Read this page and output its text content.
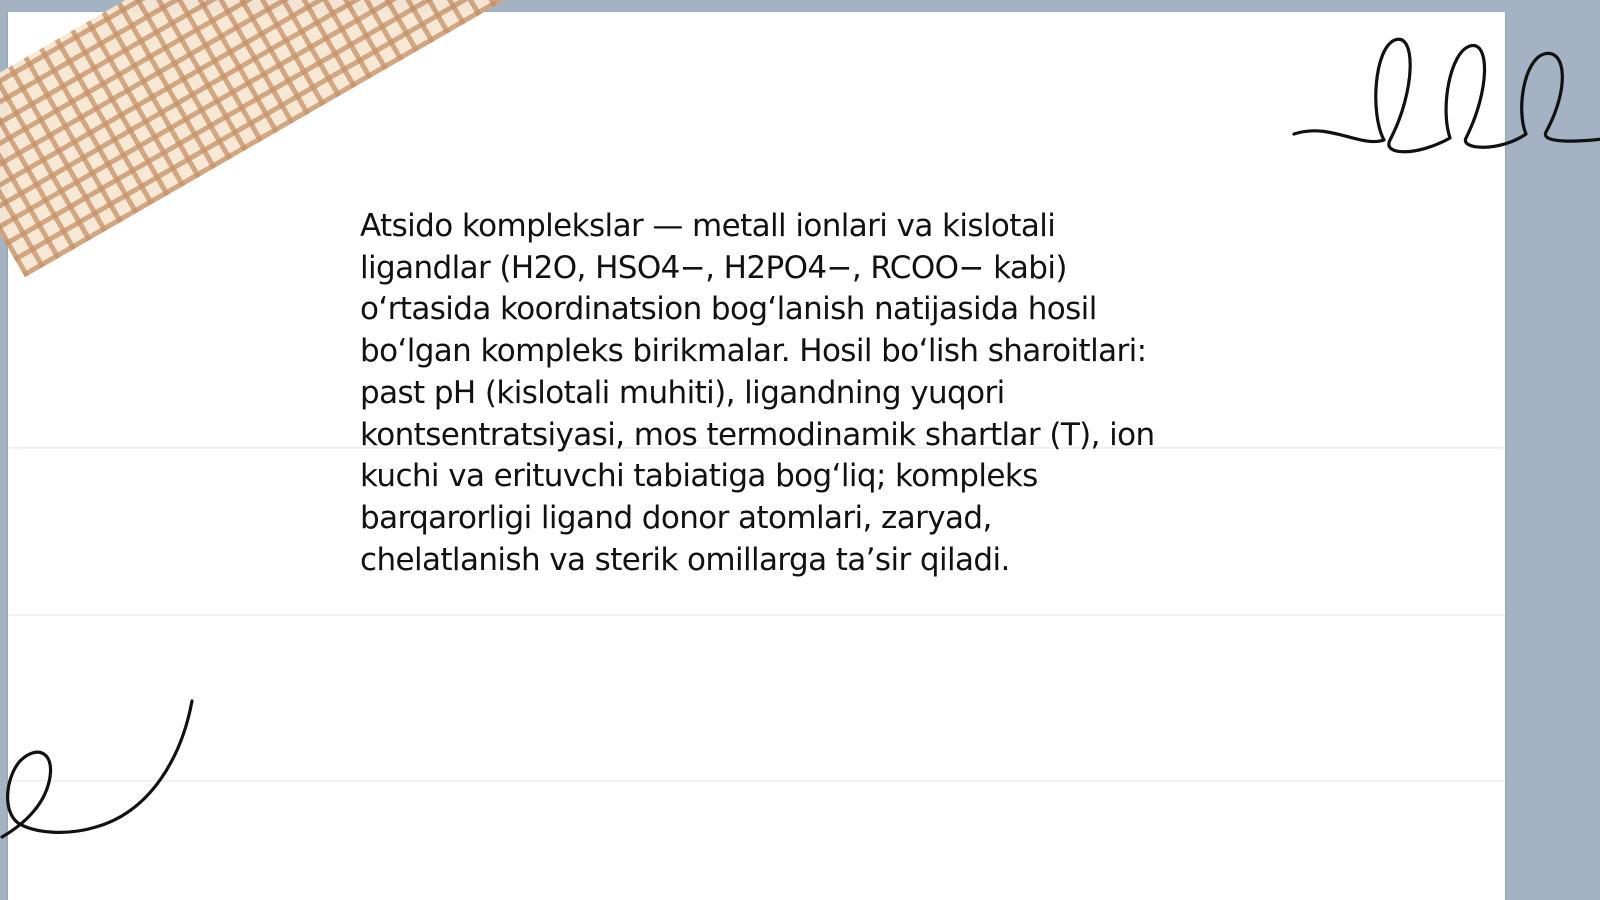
Atsido komplekslar — metall ionlari va kislotali
ligandlar (H2O, HSO4−, H2PO4−, RCOO− kabi)
o‘rtasida koordinatsion bog‘lanish natijasida hosil
bo‘lgan kompleks birikmalar. Hosil bo‘lish sharoitlari:
past pH (kislotali muhiti), ligandning yuqori
kontsentratsiyasi, mos termodinamik shartlar (T), ion
kuchi va erituvchi tabiatiga bog‘liq; kompleks
barqarorligi ligand donor atomlari, zaryad,
chelatlanish va sterik omillarga ta’sir qiladi.
